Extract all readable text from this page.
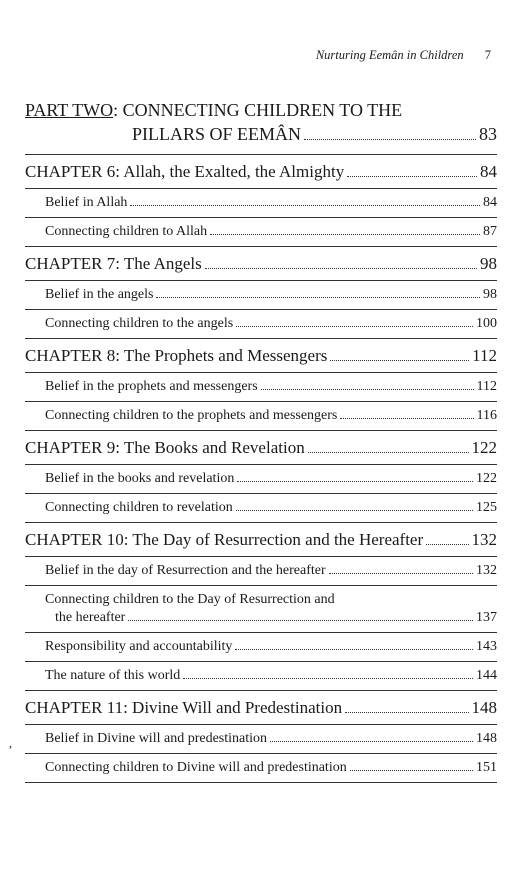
Nurturing Eemân in Children 7
PART TWO: CONNECTING CHILDREN TO THE
PILLARS OF EEMÂN	83
CHAPTER 6: Allah, the Exalted, the Almighty	84
Belief in Allah	84
Connecting children to Allah	87
CHAPTER 7: The Angels	98
Belief in the angels	98
Connecting children to the angels	100
CHAPTER 8: The Prophets and Messengers	112
Belief in the prophets and messengers	112
Connecting children to the prophets and messengers	116
CHAPTER 9: The Books and Revelation	122
Belief in the books and revelation	122
Connecting children to revelation	125
CHAPTER 10: The Day of Resurrection and the Hereafter	132
Belief in the day of Resurrection and the hereafter	132
Connecting children to the Day of Resurrection and
the hereafter	137
Responsibility and accountability	143
The nature of this world	144
CHAPTER 11: Divine Will and Predestination	148
Belief in Divine will and predestination	148
Connecting children to Divine will and predestination	151
,
